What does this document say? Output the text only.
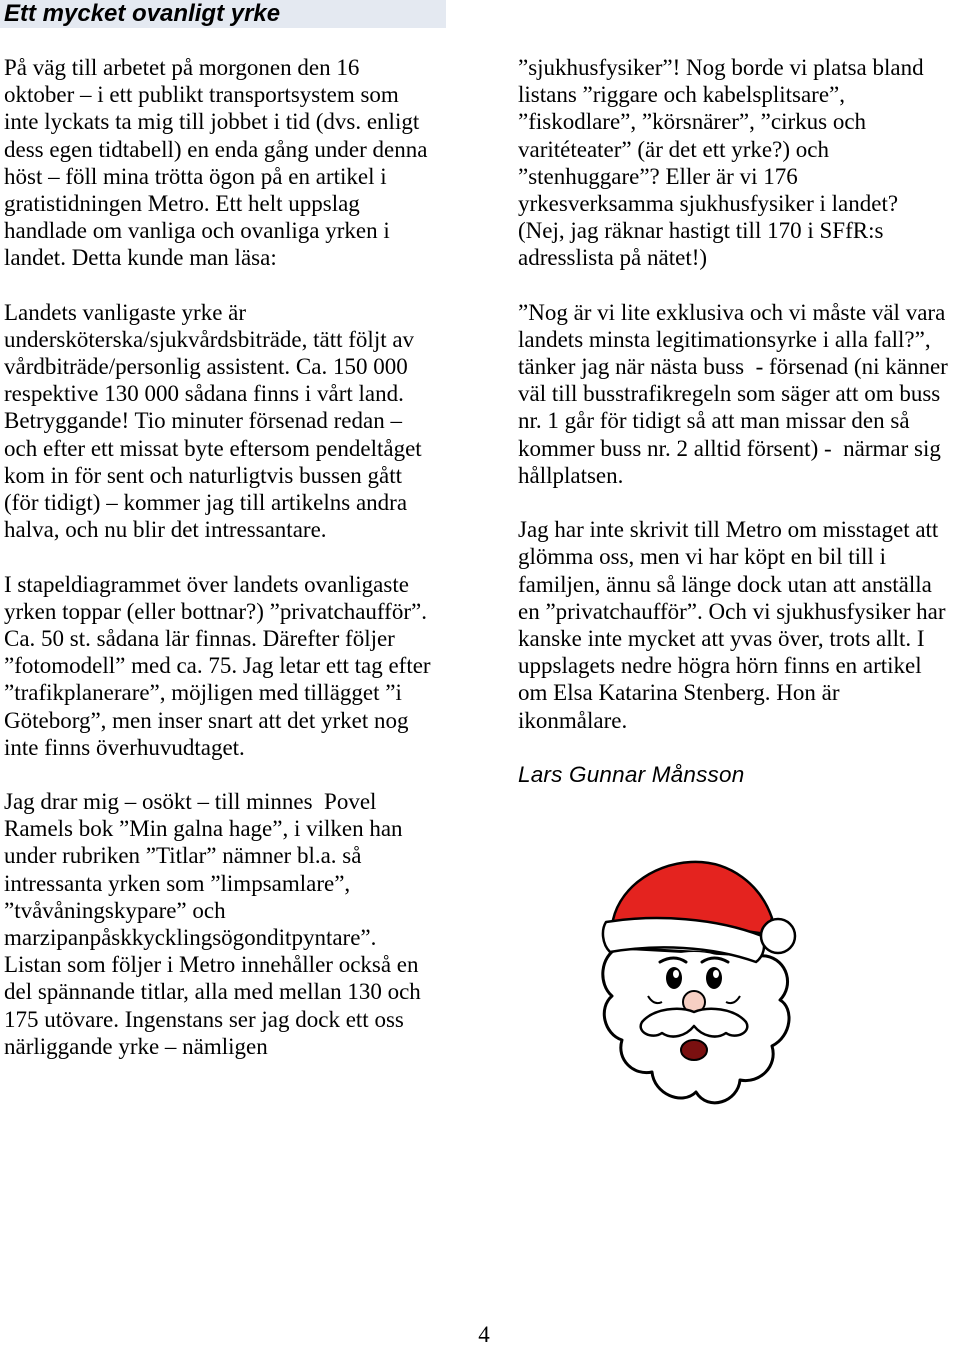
Ett mycket ovanligt yrke
På väg till arbetet på morgonen den 16
oktober – i ett publikt transportsystem som
inte lyckats ta mig till jobbet i tid (dvs. enligt
dess egen tidtabell) en enda gång under denna
höst – föll mina trötta ögon på en artikel i
gratistidningen Metro. Ett helt uppslag
handlade om vanliga och ovanliga yrken i
landet. Detta kunde man läsa:
Landets vanligaste yrke är
undersköterska/sjukvårdsbiträde, tätt följt av
vårdbiträde/personlig assistent. Ca. 150 000
respektive 130 000 sådana finns i vårt land.
Betryggande! Tio minuter försenad redan –
och efter ett missat byte eftersom pendeltåget
kom in för sent och naturligtvis bussen gått
(för tidigt) – kommer jag till artikelns andra
halva, och nu blir det intressantare.
I stapeldiagrammet över landets ovanligaste
yrken toppar (eller bottnar?) ”privatchaufför”.
Ca. 50 st. sådana lär finnas. Därefter följer
”fotomodell” med ca. 75. Jag letar ett tag efter
”trafikplanerare”, möjligen med tillägget ”i
Göteborg”, men inser snart att det yrket nog
inte finns överhuvudtaget.
Jag drar mig – osökt – till minnes  Povel
Ramels bok ”Min galna hage”, i vilken han
under rubriken ”Titlar” nämner bl.a. så
intressanta yrken som ”limpsamlare”,
”tvåvåningskypare” och
marzipanpåskkycklingsögonditpyntare”.
Listan som följer i Metro innehåller också en
del spännande titlar, alla med mellan 130 och
175 utövare. Ingenstans ser jag dock ett oss
närliggande yrke – nämligen
”sjukhusfysiker”! Nog borde vi platsa bland
listans ”riggare och kabelsplitsare”,
”fiskodlare”, ”körsnärer”, ”cirkus och
varitéteater” (är det ett yrke?) och
”stenhuggare”? Eller är vi 176
yrkesverksamma sjukhusfysiker i landet?
(Nej, jag räknar hastigt till 170 i SFfR:s
adresslista på nätet!)
”Nog är vi lite exklusiva och vi måste väl vara
landets minsta legitimationsyrke i alla fall?”,
tänker jag när nästa buss  - försenad (ni känner
väl till busstrafikregeln som säger att om buss
nr. 1 går för tidigt så att man missar den så
kommer buss nr. 2 alltid försent) -  närmar sig
hållplatsen.
Jag har inte skrivit till Metro om misstaget att
glömma oss, men vi har köpt en bil till i
familjen, ännu så länge dock utan att anställa
en ”privatchaufför”. Och vi sjukhusfysiker har
kanske inte mycket att yvas över, trots allt. I
uppslagets nedre högra hörn finns en artikel
om Elsa Katarina Stenberg. Hon är
ikonmålare.
Lars Gunnar Månsson
4
